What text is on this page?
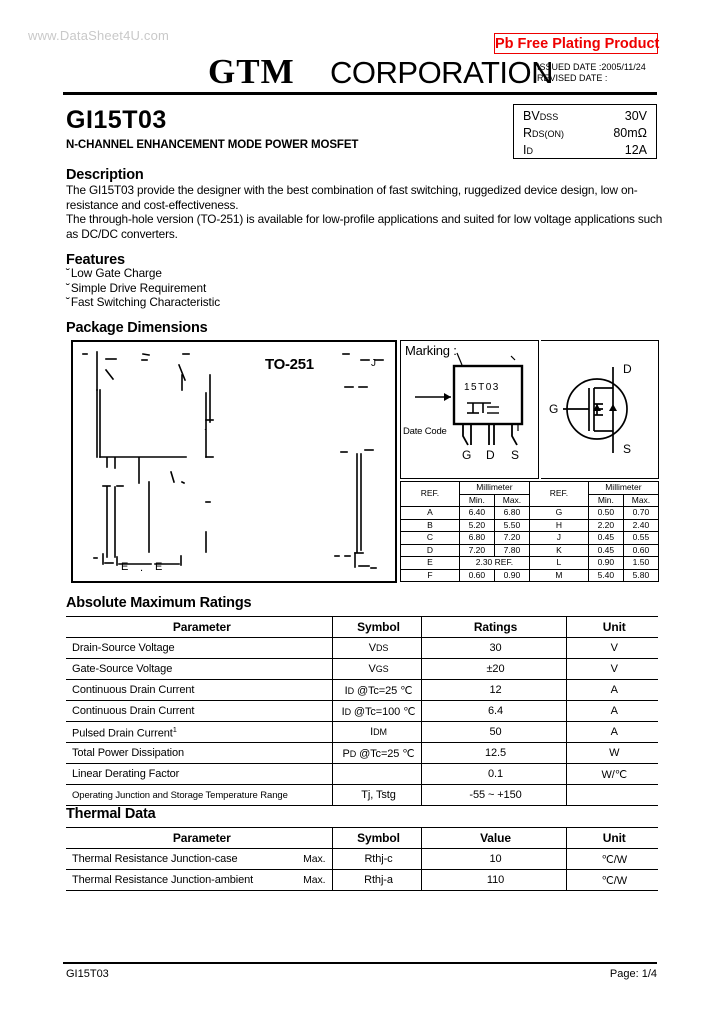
www.DataSheet4U.com
Pb Free Plating Product
GTM CORPORATION
ISSUED DATE :2005/11/24
REVISED DATE :
GI15T03
N-CHANNEL ENHANCEMENT MODE POWER MOSFET
BVDSS	30V
RDS(ON)	80mΩ
ID	12A
Description
The GI15T03 provide the designer with the best combination of fast switching, ruggedized device design, low on-resistance and cost-effectiveness.
The through-hole version (TO-251) is available for low-profile applications and suited for low voltage applications such as DC/DC converters.
Features
˘ Low Gate Charge
˘ Simple Drive Requirement
˘ Fast Switching Characteristic
Package Dimensions
TO-251
E E
.
J
.
Marking :
Date Code
15T03
G D S
D
G
S
REF.	Millimeter		REF.	Millimeter	
	Min.	Max.		Min.	Max.
A	6.40	6.80	G	0.50	0.70
B	5.20	5.50	H	2.20	2.40
C	6.80	7.20	J	0.45	0.55
D	7.20	7.80	K	0.45	0.60
E	2.30 REF.		L	0.90	1.50
F	0.60	0.90	M	5.40	5.80
Absolute Maximum Ratings
Parameter	Symbol	Ratings	Unit
Drain-Source Voltage	VDS	30	V
Gate-Source Voltage	VGS	±20	V
Continuous Drain Current	ID @Tc=25 ℃	12	A
Continuous Drain Current	ID @Tc=100 ℃	6.4	A
Pulsed Drain Current$^1$	IDM	50	A
Total Power Dissipation	PD @Tc=25 ℃	12.5	W
Linear Derating Factor		0.1	W/℃
Operating Junction and Storage Temperature Range	Tj, Tstg	-55 ~ +150	
Thermal Data
Parameter	Symbol	Value	Unit

Thermal Resistance Junction-case Max.	Rthj-c	10	℃/W

Thermal Resistance Junction-ambient Max.	Rthj-a	110	℃/W
GI15T03	Page: 1/4
